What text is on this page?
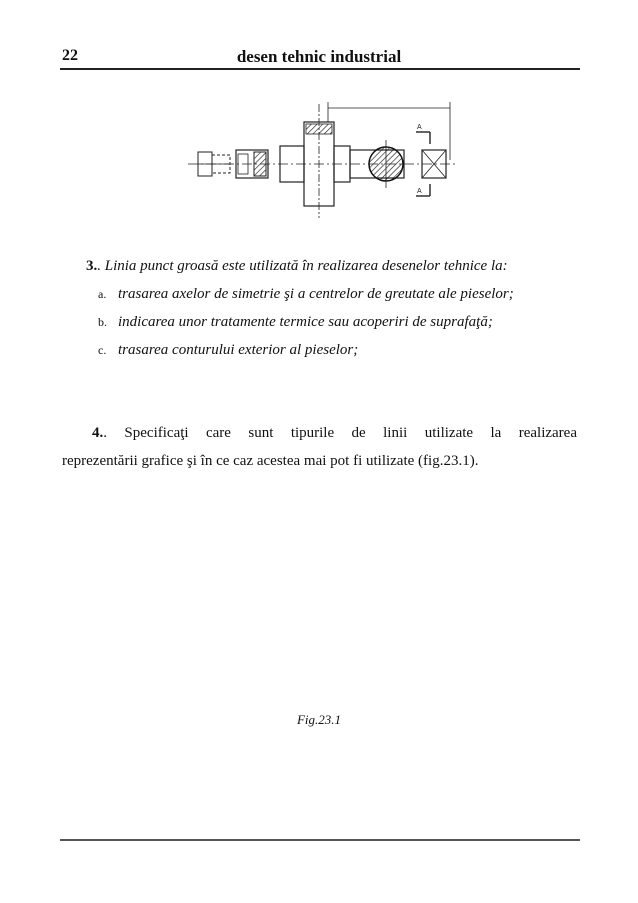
22	desen tehnic industrial
A
A
3.. Linia punct groasă este utilizată în realizarea desenelor tehnice la:
a. trasarea axelor de simetrie şi a centrelor de greutate ale pieselor;
b. indicarea unor tratamente termice sau acoperiri de suprafaţă;
c. trasarea conturului exterior al pieselor;
4.. Specificaţi care sunt tipurile de linii utilizate la realizarea
reprezentării grafice şi în ce caz acestea mai pot fi utilizate (fig.23.1).
Fig.23.1
